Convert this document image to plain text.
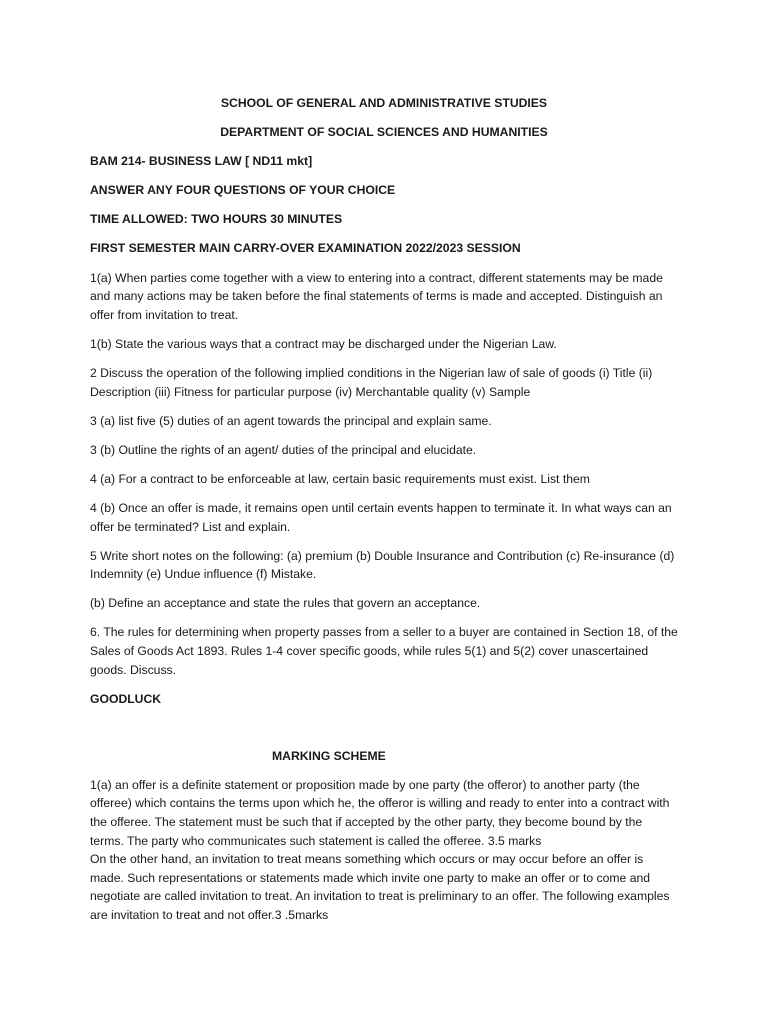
SCHOOL OF GENERAL AND ADMINISTRATIVE STUDIES
DEPARTMENT OF SOCIAL SCIENCES AND HUMANITIES
BAM 214- BUSINESS LAW [ ND11 mkt]
ANSWER ANY FOUR QUESTIONS OF YOUR CHOICE
TIME ALLOWED: TWO HOURS 30 MINUTES
FIRST SEMESTER MAIN CARRY-OVER EXAMINATION 2022/2023 SESSION
1(a) When parties come together with a view to entering into a contract, different statements may be made and many actions may be taken before the final statements of terms is made and accepted. Distinguish an offer from invitation to treat.
1(b) State the various ways that a contract may be discharged under the Nigerian Law.
2 Discuss the operation of the following implied conditions in the Nigerian law of sale of goods (i) Title (ii) Description (iii) Fitness for particular purpose (iv) Merchantable quality (v) Sample
3 (a) list five (5) duties of an agent towards the principal and explain same.
3 (b) Outline the rights of an agent/ duties of the principal and elucidate.
4 (a) For a contract to be enforceable at law, certain basic requirements must exist. List them
4 (b) Once an offer is made, it remains open until certain events happen to terminate it. In what ways can an offer be terminated? List and explain.
5 Write short notes on the following: (a) premium (b) Double Insurance and Contribution (c) Re-insurance (d) Indemnity (e) Undue influence (f) Mistake.
(b) Define an acceptance and state the rules that govern an acceptance.
6. The rules for determining when property passes from a seller to a buyer are contained in Section 18, of the Sales of Goods Act 1893. Rules 1-4 cover specific goods, while rules 5(1) and 5(2) cover unascertained goods. Discuss.
GOODLUCK
MARKING SCHEME
1(a) an offer is a definite statement or proposition made by one party (the offeror) to another party (the offeree) which contains the terms upon which he, the offeror is willing and ready to enter into a contract with the offeree. The statement must be such that if accepted by the other party, they become bound by the terms. The party who communicates such statement is called the offeree. 3.5 marks
On the other hand, an invitation to treat means something which occurs or may occur before an offer is made. Such representations or statements made which invite one party to make an offer or to come and negotiate are called invitation to treat. An invitation to treat is preliminary to an offer. The following examples are invitation to treat and not offer.3 .5marks
